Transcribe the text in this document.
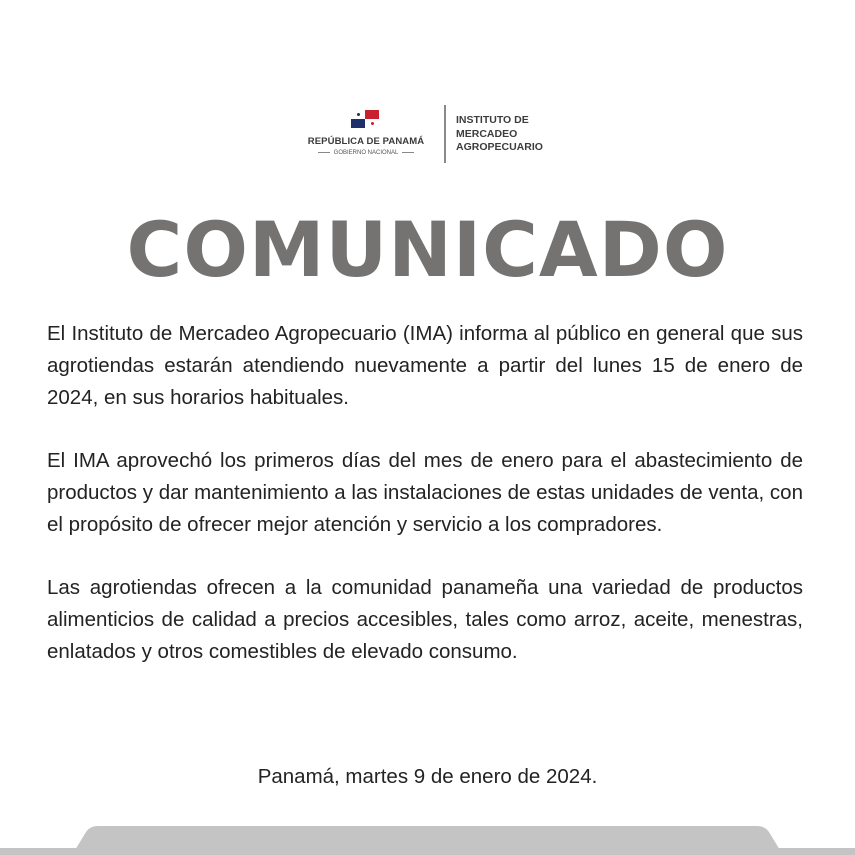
REPÚBLICA DE PANAMÁ
GOBIERNO NACIONAL
INSTITUTO DE
MERCADEO
AGROPECUARIO
COMUNICADO

El Instituto de Mercadeo Agropecuario (IMA) informa al público en general que sus agrotiendas estarán atendiendo nuevamente a partir del lunes 15 de enero de 2024, en sus horarios habituales.

El IMA aprovechó los primeros días del mes de enero para el abastecimiento de productos y dar mantenimiento a las instalaciones de estas unidades de venta, con el propósito de ofrecer mejor atención y servicio a los compradores.

Las agrotiendas ofrecen a la comunidad panameña una variedad de productos alimenticios de calidad a precios accesibles, tales como arroz, aceite, menestras, enlatados y otros comestibles de elevado consumo.

Panamá, martes 9 de enero de 2024.
